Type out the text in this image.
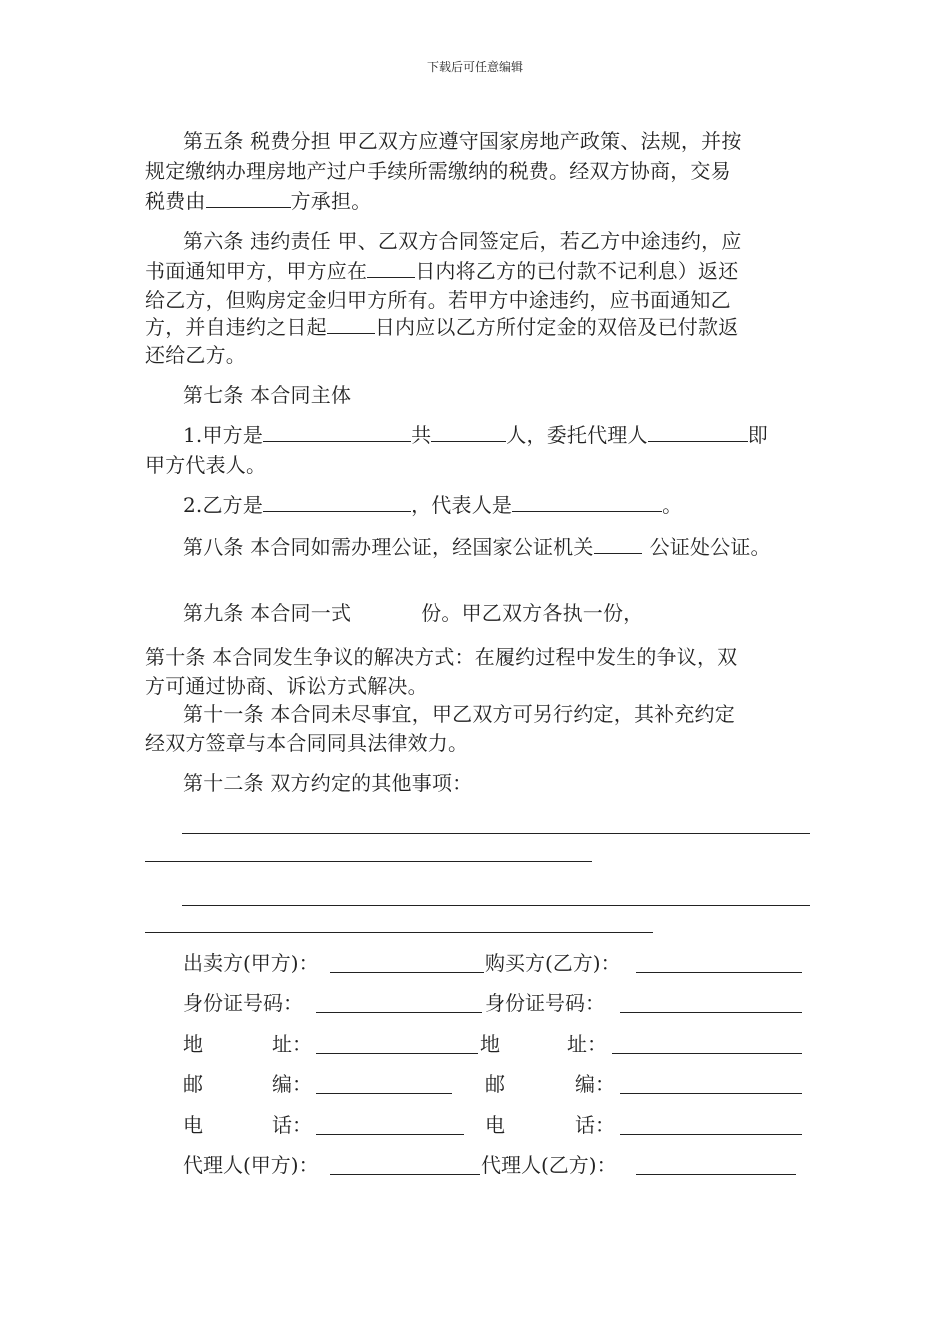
下载后可任意编辑
第五条 税费分担 甲乙双方应遵守国家房地产政策、法规，并按
规定缴纳办理房地产过户手续所需缴纳的税费。经双方协商，交易
税费由	方承担。
第六条 违约责任 甲、乙双方合同签定后，若乙方中途违约，应
书面通知甲方，甲方应在 日内将乙方的已付款不记利息）返还
给乙方，但购房定金归甲方所有。若甲方中途违约，应书面通知乙
方，并自违约之日起 日内应以乙方所付定金的双倍及已付款返
还给乙方。
第七条 本合同主体
1.甲方是	共	人，委托代理人	即
甲方代表人。
2.乙方是	，代表人是	。
第八条 本合同如需办理公证，经国家公证机关	公证处公证。
第九条 本合同一式	份。甲乙双方各执一份，
第十条 本合同发生争议的解决方式：在履约过程中发生的争议，双
方可通过协商、诉讼方式解决。
第十一条 本合同未尽事宜，甲乙双方可另行约定，其补充约定
经双方签章与本合同同具法律效力。
第十二条 双方约定的其他事项：
出卖方(甲方)：	购买方(乙方)：
身份证号码：	身份证号码：
地	址：	地	址：
邮	编：	邮	编：
电	话：	电	话：
代理人(甲方)：	代理人(乙方)：
